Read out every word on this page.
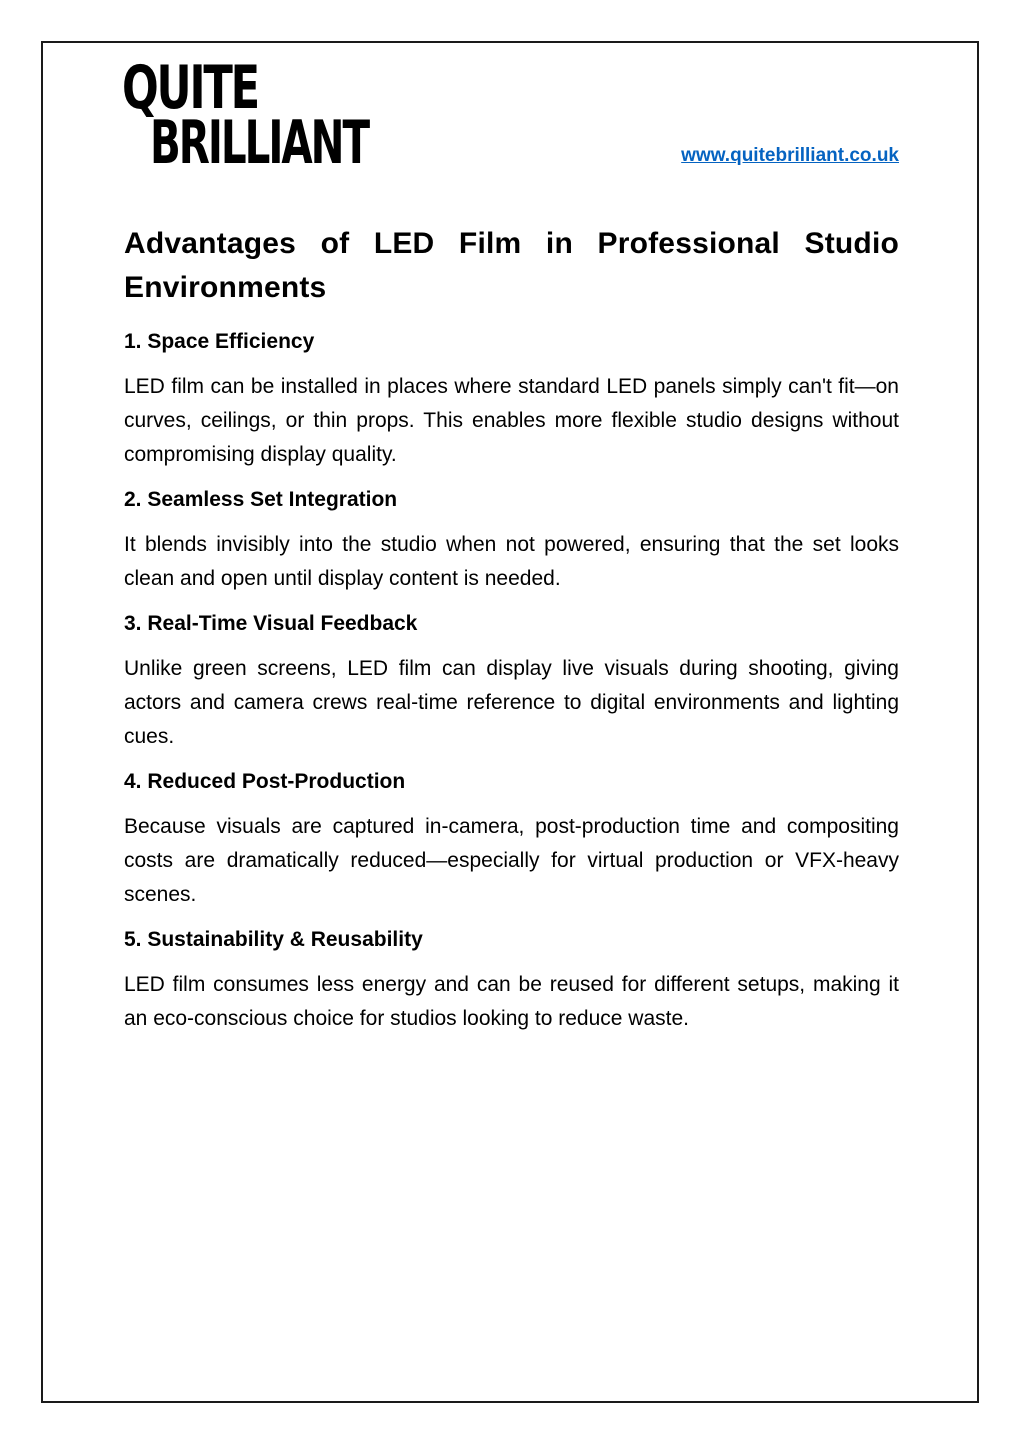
QUITE
BRILLIANT	www.quitebrilliant.co.uk
Advantages of LED Film in Professional Studio Environments
1. Space Efficiency

LED film can be installed in places where standard LED panels simply can't fit—on curves, ceilings, or thin props. This enables more flexible studio designs without compromising display quality.

2. Seamless Set Integration

It blends invisibly into the studio when not powered, ensuring that the set looks clean and open until display content is needed.

3. Real-Time Visual Feedback

Unlike green screens, LED film can display live visuals during shooting, giving actors and camera crews real-time reference to digital environments and lighting cues.

4. Reduced Post-Production

Because visuals are captured in-camera, post-production time and compositing costs are dramatically reduced—especially for virtual production or VFX-heavy scenes.

5. Sustainability & Reusability

LED film consumes less energy and can be reused for different setups, making it an eco-conscious choice for studios looking to reduce waste.
